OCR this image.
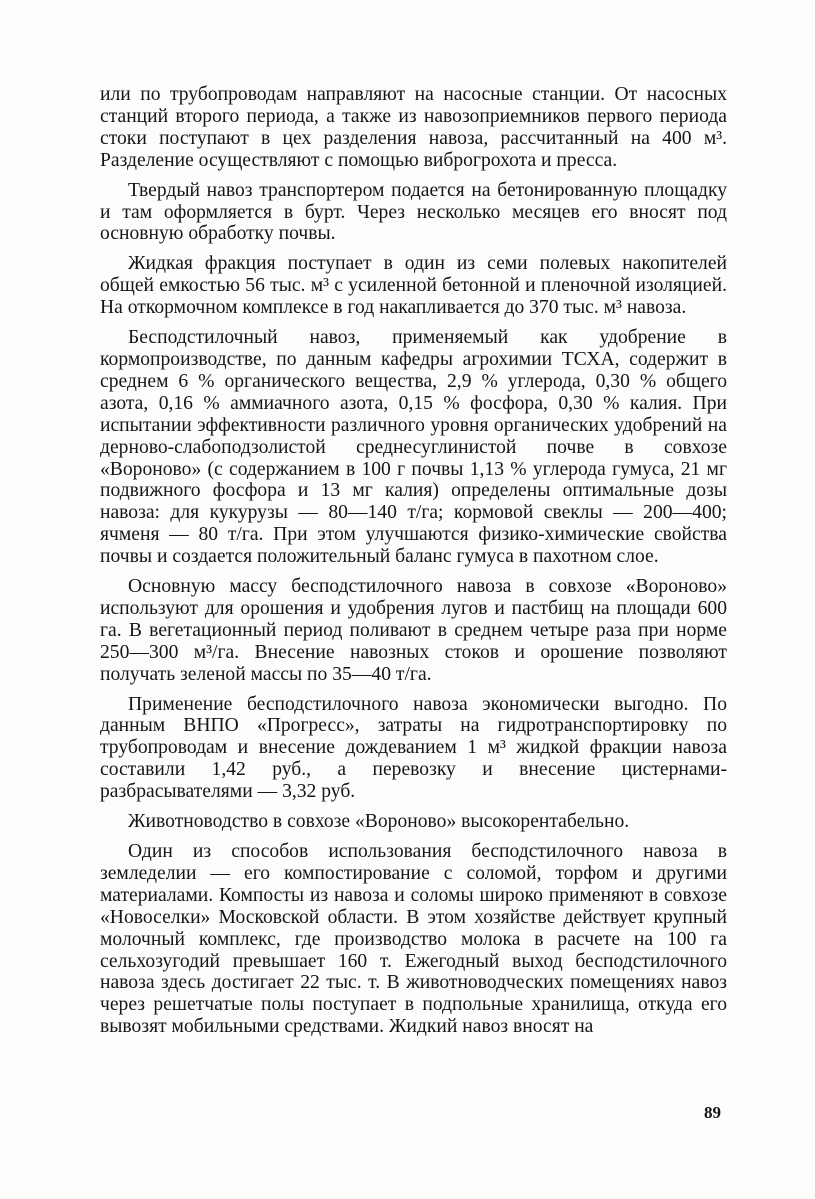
или по трубопроводам направляют на насосные станции. От насосных станций второго периода, а также из навозоприемников первого периода стоки поступают в цех разделения навоза, рассчитанный на 400 м³. Разделение осуществляют с помощью виброгрохота и пресса.

Твердый навоз транспортером подается на бетонированную площадку и там оформляется в бурт. Через несколько месяцев его вносят под основную обработку почвы.

Жидкая фракция поступает в один из семи полевых накопителей общей емкостью 56 тыс. м³ с усиленной бетонной и пленочной изоляцией. На откормочном комплексе в год накапливается до 370 тыс. м³ навоза.

Бесподстилочный навоз, применяемый как удобрение в кормопроизводстве, по данным кафедры агрохимии ТСХА, содержит в среднем 6 % органического вещества, 2,9 % углерода, 0,30 % общего азота, 0,16 % аммиачного азота, 0,15 % фосфора, 0,30 % калия. При испытании эффективности различного уровня органических удобрений на дерново-слабоподзолистой среднесуглинистой почве в совхозе «Вороново» (с содержанием в 100 г почвы 1,13 % углерода гумуса, 21 мг подвижного фосфора и 13 мг калия) определены оптимальные дозы навоза: для кукурузы — 80—140 т/га; кормовой свеклы — 200—400; ячменя — 80 т/га. При этом улучшаются физико-химические свойства почвы и создается положительный баланс гумуса в пахотном слое.

Основную массу бесподстилочного навоза в совхозе «Вороново» используют для орошения и удобрения лугов и пастбищ на площади 600 га. В вегетационный период поливают в среднем четыре раза при норме 250—300 м³/га. Внесение навозных стоков и орошение позволяют получать зеленой массы по 35—40 т/га.

Применение бесподстилочного навоза экономически выгодно. По данным ВНПО «Прогресс», затраты на гидротранспортировку по трубопроводам и внесение дождеванием 1 м³ жидкой фракции навоза составили 1,42 руб., а перевозку и внесение цистернами-разбрасывателями — 3,32 руб.

Животноводство в совхозе «Вороново» высокорентабельно.

Один из способов использования бесподстилочного навоза в земледелии — его компостирование с соломой, торфом и другими материалами. Компосты из навоза и соломы широко применяют в совхозе «Новоселки» Московской области. В этом хозяйстве действует крупный молочный комплекс, где производство молока в расчете на 100 га сельхозугодий превышает 160 т. Ежегодный выход бесподстилочного навоза здесь достигает 22 тыс. т. В животноводческих помещениях навоз через решетчатые полы поступает в подпольные хранилища, откуда его вывозят мобильными средствами. Жидкий навоз вносят на

89
